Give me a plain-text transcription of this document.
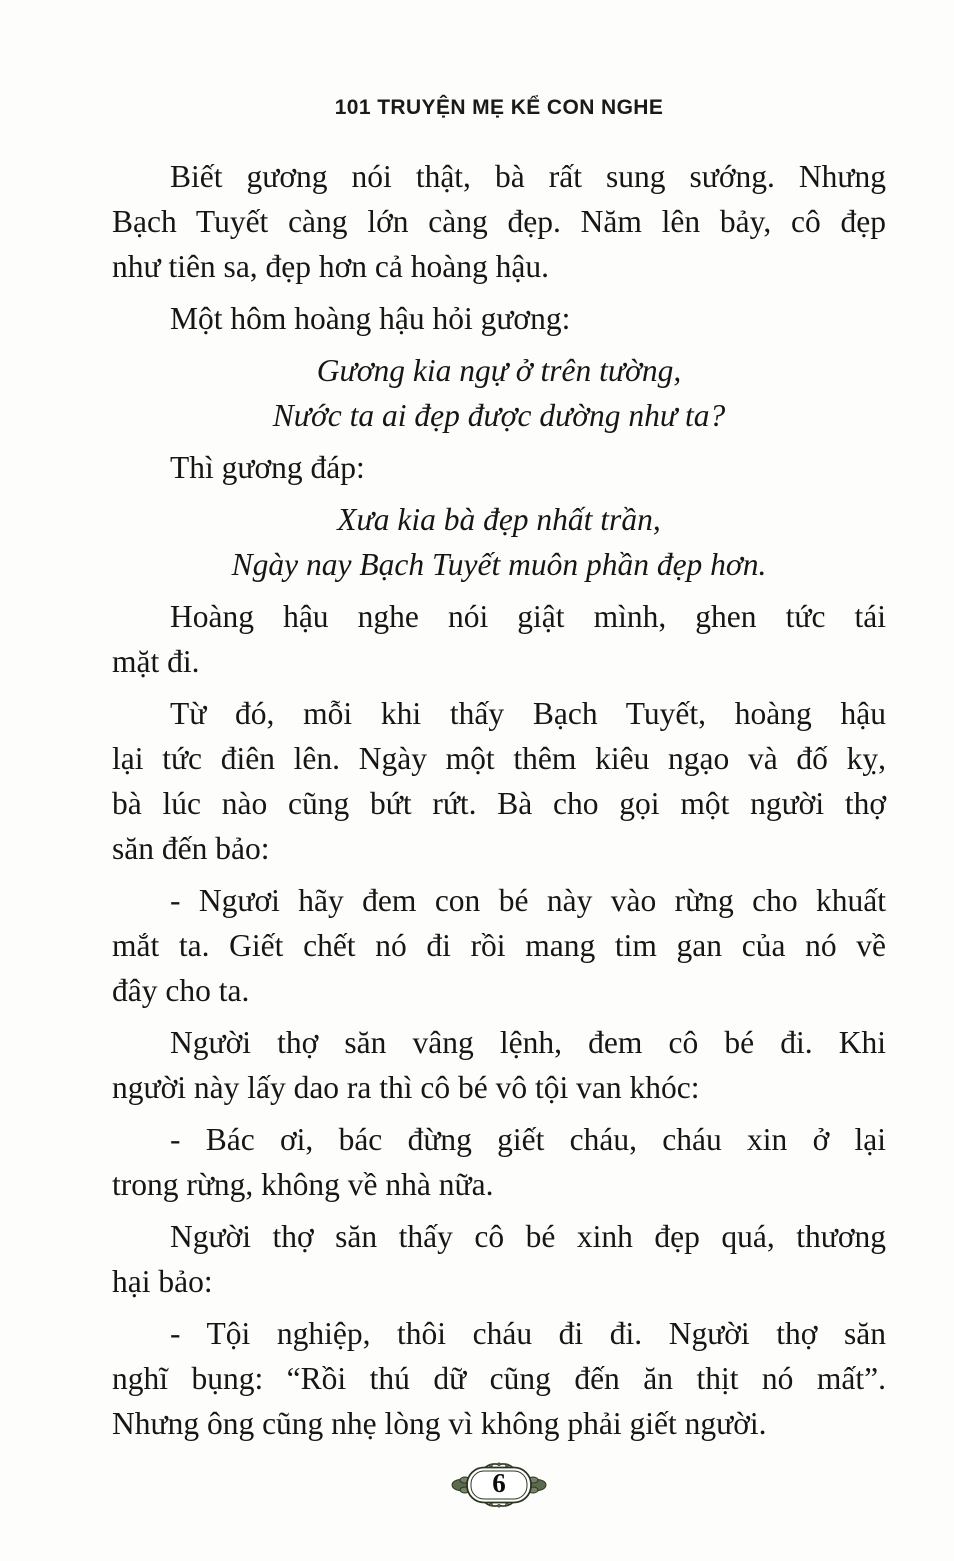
101 TRUYỆN MẸ KỂ CON NGHE

Biết gương nói thật, bà rất sung sướng. Nhưng
Bạch Tuyết càng lớn càng đẹp. Năm lên bảy, cô đẹp
như tiên sa, đẹp hơn cả hoàng hậu.

Một hôm hoàng hậu hỏi gương:

Gương kia ngự ở trên tường,
Nước ta ai đẹp được dường như ta?

Thì gương đáp:

Xưa kia bà đẹp nhất trần,
Ngày nay Bạch Tuyết muôn phần đẹp hơn.

Hoàng hậu nghe nói giật mình, ghen tức tái
mặt đi.

Từ đó, mỗi khi thấy Bạch Tuyết, hoàng hậu
lại tức điên lên. Ngày một thêm kiêu ngạo và đố kỵ,
bà lúc nào cũng bứt rứt. Bà cho gọi một người thợ
săn đến bảo:

- Ngươi hãy đem con bé này vào rừng cho khuất
mắt ta. Giết chết nó đi rồi mang tim gan của nó về
đây cho ta.

Người thợ săn vâng lệnh, đem cô bé đi. Khi
người này lấy dao ra thì cô bé vô tội van khóc:

- Bác ơi, bác đừng giết cháu, cháu xin ở lại
trong rừng, không về nhà nữa.

Người thợ săn thấy cô bé xinh đẹp quá, thương
hại bảo:

- Tội nghiệp, thôi cháu đi đi. Người thợ săn
nghĩ bụng: “Rồi thú dữ cũng đến ăn thịt nó mất”.
Nhưng ông cũng nhẹ lòng vì không phải giết người.

6
